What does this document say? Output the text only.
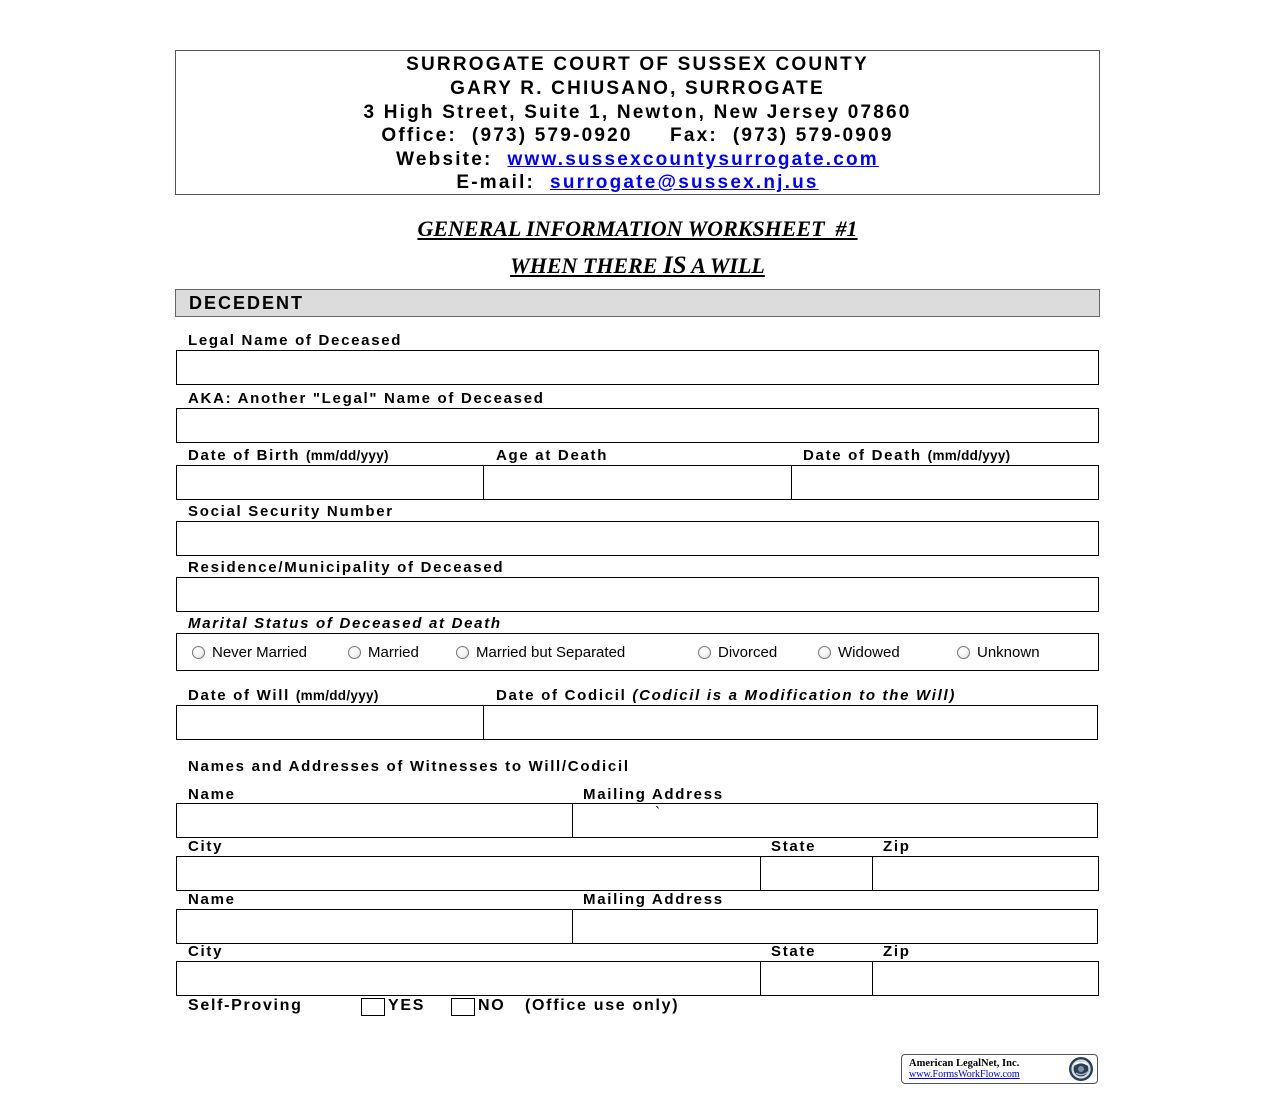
SURROGATE COURT OF SUSSEX COUNTY
GARY R. CHIUSANO, SURROGATE
3 High Street, Suite 1, Newton, New Jersey 07860
Office:  (973) 579-0920     Fax:  (973) 579-0909
Website: www.sussexcountysurrogate.com
E-mail: surrogate@sussex.nj.us
GENERAL INFORMATION WORKSHEET  #1
WHEN THERE IS A WILL
DECEDENT
Legal Name of Deceased
AKA: Another "Legal" Name of Deceased
Date of Birth (mm/dd/yyy)	Age at Death	Date of Death (mm/dd/yyy)
Social Security Number
Residence/Municipality of Deceased
Marital Status of Deceased at Death
Never Married	Married	Married but Separated	Divorced	Widowed	Unknown
Date of Will (mm/dd/yyy)	Date of Codicil (Codicil is a Modification to the Will)
Names and Addresses of Witnesses to Will/Codicil
Name	Mailing Address
`
City	State	Zip
Name	Mailing Address
City	State	Zip
Self-Proving	YES	NO (Office use only)
American LegalNet, Inc.
www.FormsWorkFlow.com
